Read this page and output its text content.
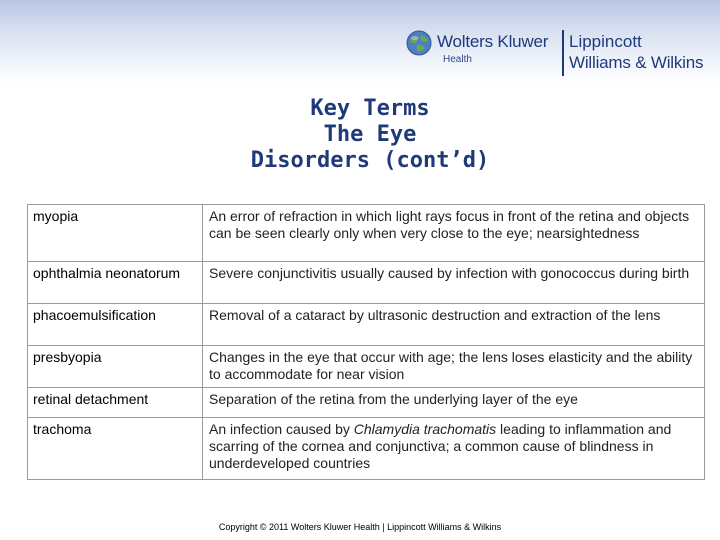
Wolters Kluwer
Health
Lippincott
Williams & Wilkins
Key Terms
The Eye
Disorders (cont’d)
myopia	An error of refraction in which light rays focus in front of the retina and objects can be seen clearly only when very close to the eye; nearsightedness
ophthalmia neonatorum	Severe conjunctivitis usually caused by infection with gonococcus during birth
phacoemulsification	Removal of a cataract by ultrasonic destruction and extraction of the lens
presbyopia	Changes in the eye that occur with age; the lens loses elasticity and the ability to accommodate for near vision
retinal detachment	Separation of the retina from the underlying layer of the eye
trachoma	An infection caused by Chlamydia trachomatis leading to inflammation and scarring of the cornea and conjunctiva; a common cause of blindness in underdeveloped countries
Copyright © 2011 Wolters Kluwer Health | Lippincott Williams & Wilkins
